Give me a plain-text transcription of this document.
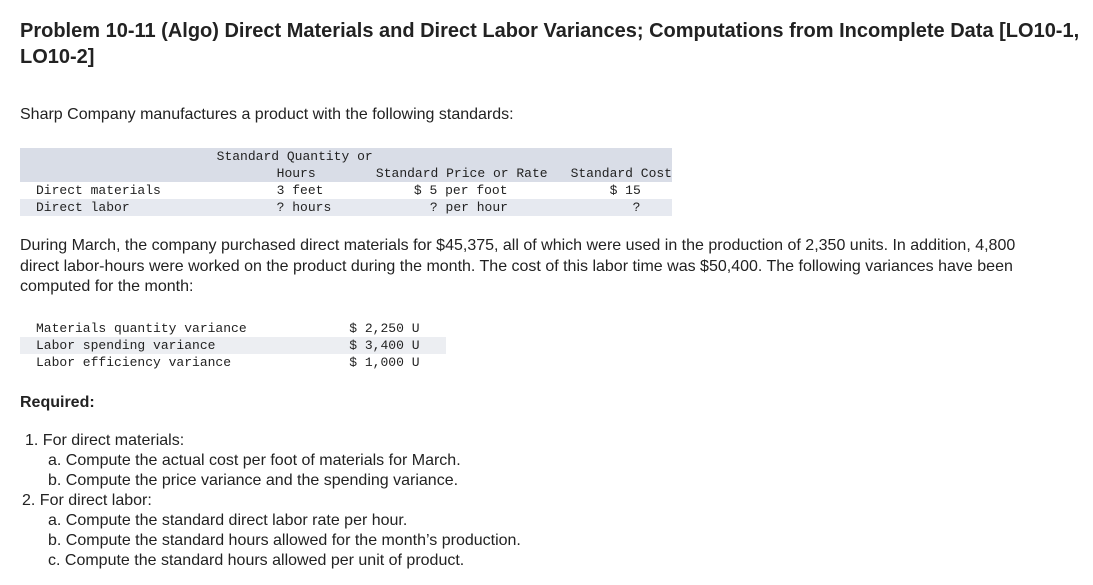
Problem 10-11 (Algo) Direct Materials and Direct Labor Variances; Computations from Incomplete Data [LO10-1, LO10-2]
Sharp Company manufactures a product with the following standards:
	Standard Quantity or		
	Hours	Standard Price or Rate	Standard Cost
Direct materials	3 feet	$ 5 per foot	$ 15
Direct labor	? hours	? per hour	?
During March, the company purchased direct materials for $45,375, all of which were used in the production of 2,350 units. In addition, 4,800 direct labor-hours were worked on the product during the month. The cost of this labor time was $50,400. The following variances have been computed for the month:
Materials quantity variance	$ 2,250 U
Labor spending variance	$ 3,400 U
Labor efficiency variance	$ 1,000 U
Required:
1. For direct materials:
a. Compute the actual cost per foot of materials for March.
b. Compute the price variance and the spending variance.
2. For direct labor:
a. Compute the standard direct labor rate per hour.
b. Compute the standard hours allowed for the month’s production.
c. Compute the standard hours allowed per unit of product.
